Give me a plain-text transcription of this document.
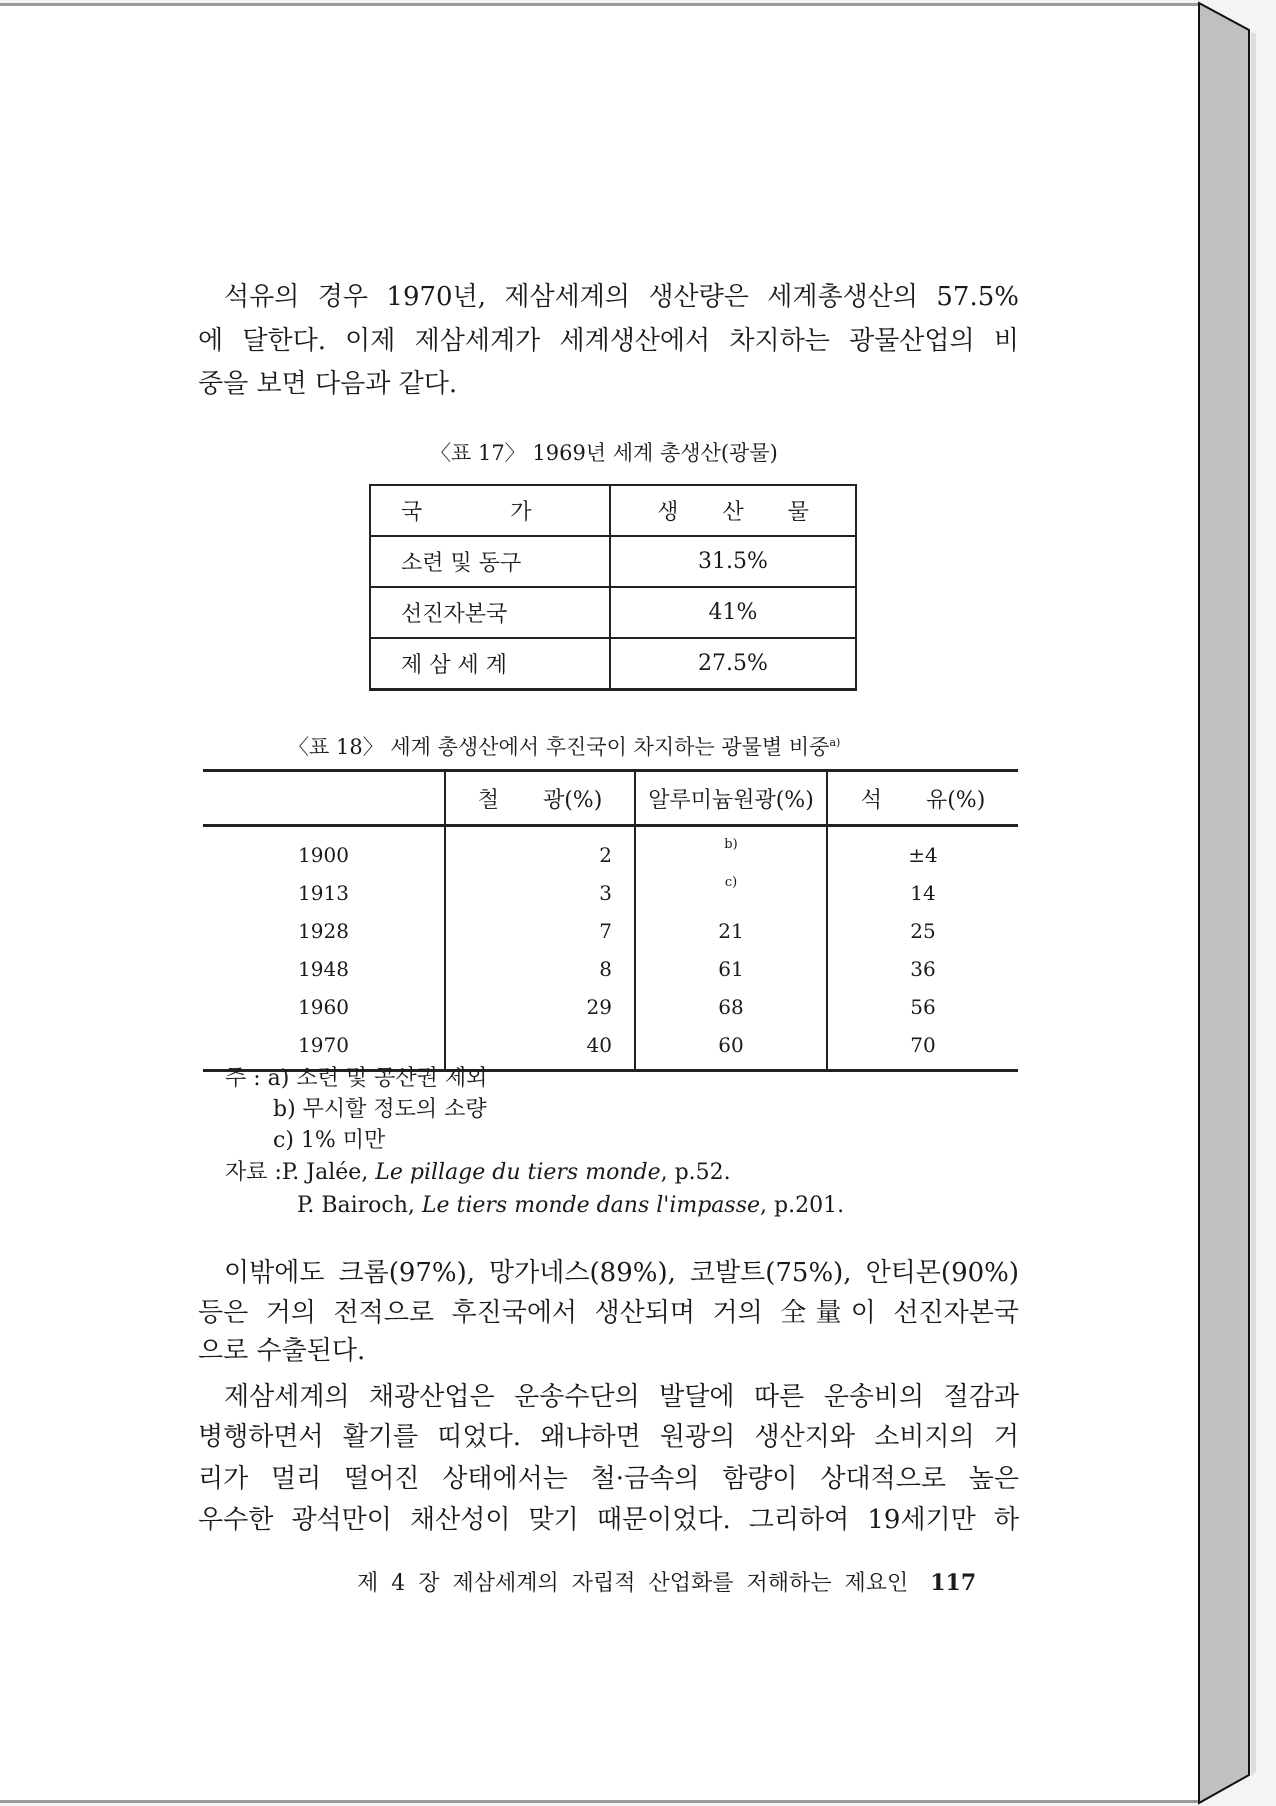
석유의 경우 1970년, 제삼세계의 생산량은 세계총생산의 57.5%
에 달한다. 이제 제삼세계가 세계생산에서 차지하는 광물산업의 비
중을 보면 다음과 같다.
〈표 17〉 1969년 세계 총생산(광물)
국　　　　가	생　　산　　물
소련 및 동구	31.5%
선진자본국	41%
제 삼 세 계	27.5%
〈표 18〉 세계 총생산에서 후진국이 차지하는 광물별 비중$^{a)}$
	철　　광(%)	알루미늄원광(%)	석　　유(%)
1900	2	b)	±4
1913	3	c)	14
1928	7	21	25
1948	8	61	36
1960	29	68	56
1970	40	60	70
주 : a) 소련 및 공산권 제외
b) 무시할 정도의 소량
c) 1% 미만
자료 :P. Jalée, Le pillage du tiers monde, p.52.
P. Bairoch, Le tiers monde dans l'impasse, p.201.
이밖에도 크롬(97%), 망가네스(89%), 코발트(75%), 안티몬(90%)
등은 거의 전적으로 후진국에서 생산되며 거의 全量이 선진자본국
으로 수출된다.
제삼세계의 채광산업은 운송수단의 발달에 따른 운송비의 절감과
병행하면서 활기를 띠었다. 왜냐하면 원광의 생산지와 소비지의 거
리가 멀리 떨어진 상태에서는 철·금속의 함량이 상대적으로 높은
우수한 광석만이 채산성이 맞기 때문이었다. 그리하여 19세기만 하
제 4 장 제삼세계의 자립적 산업화를 저해하는 제요인 117
